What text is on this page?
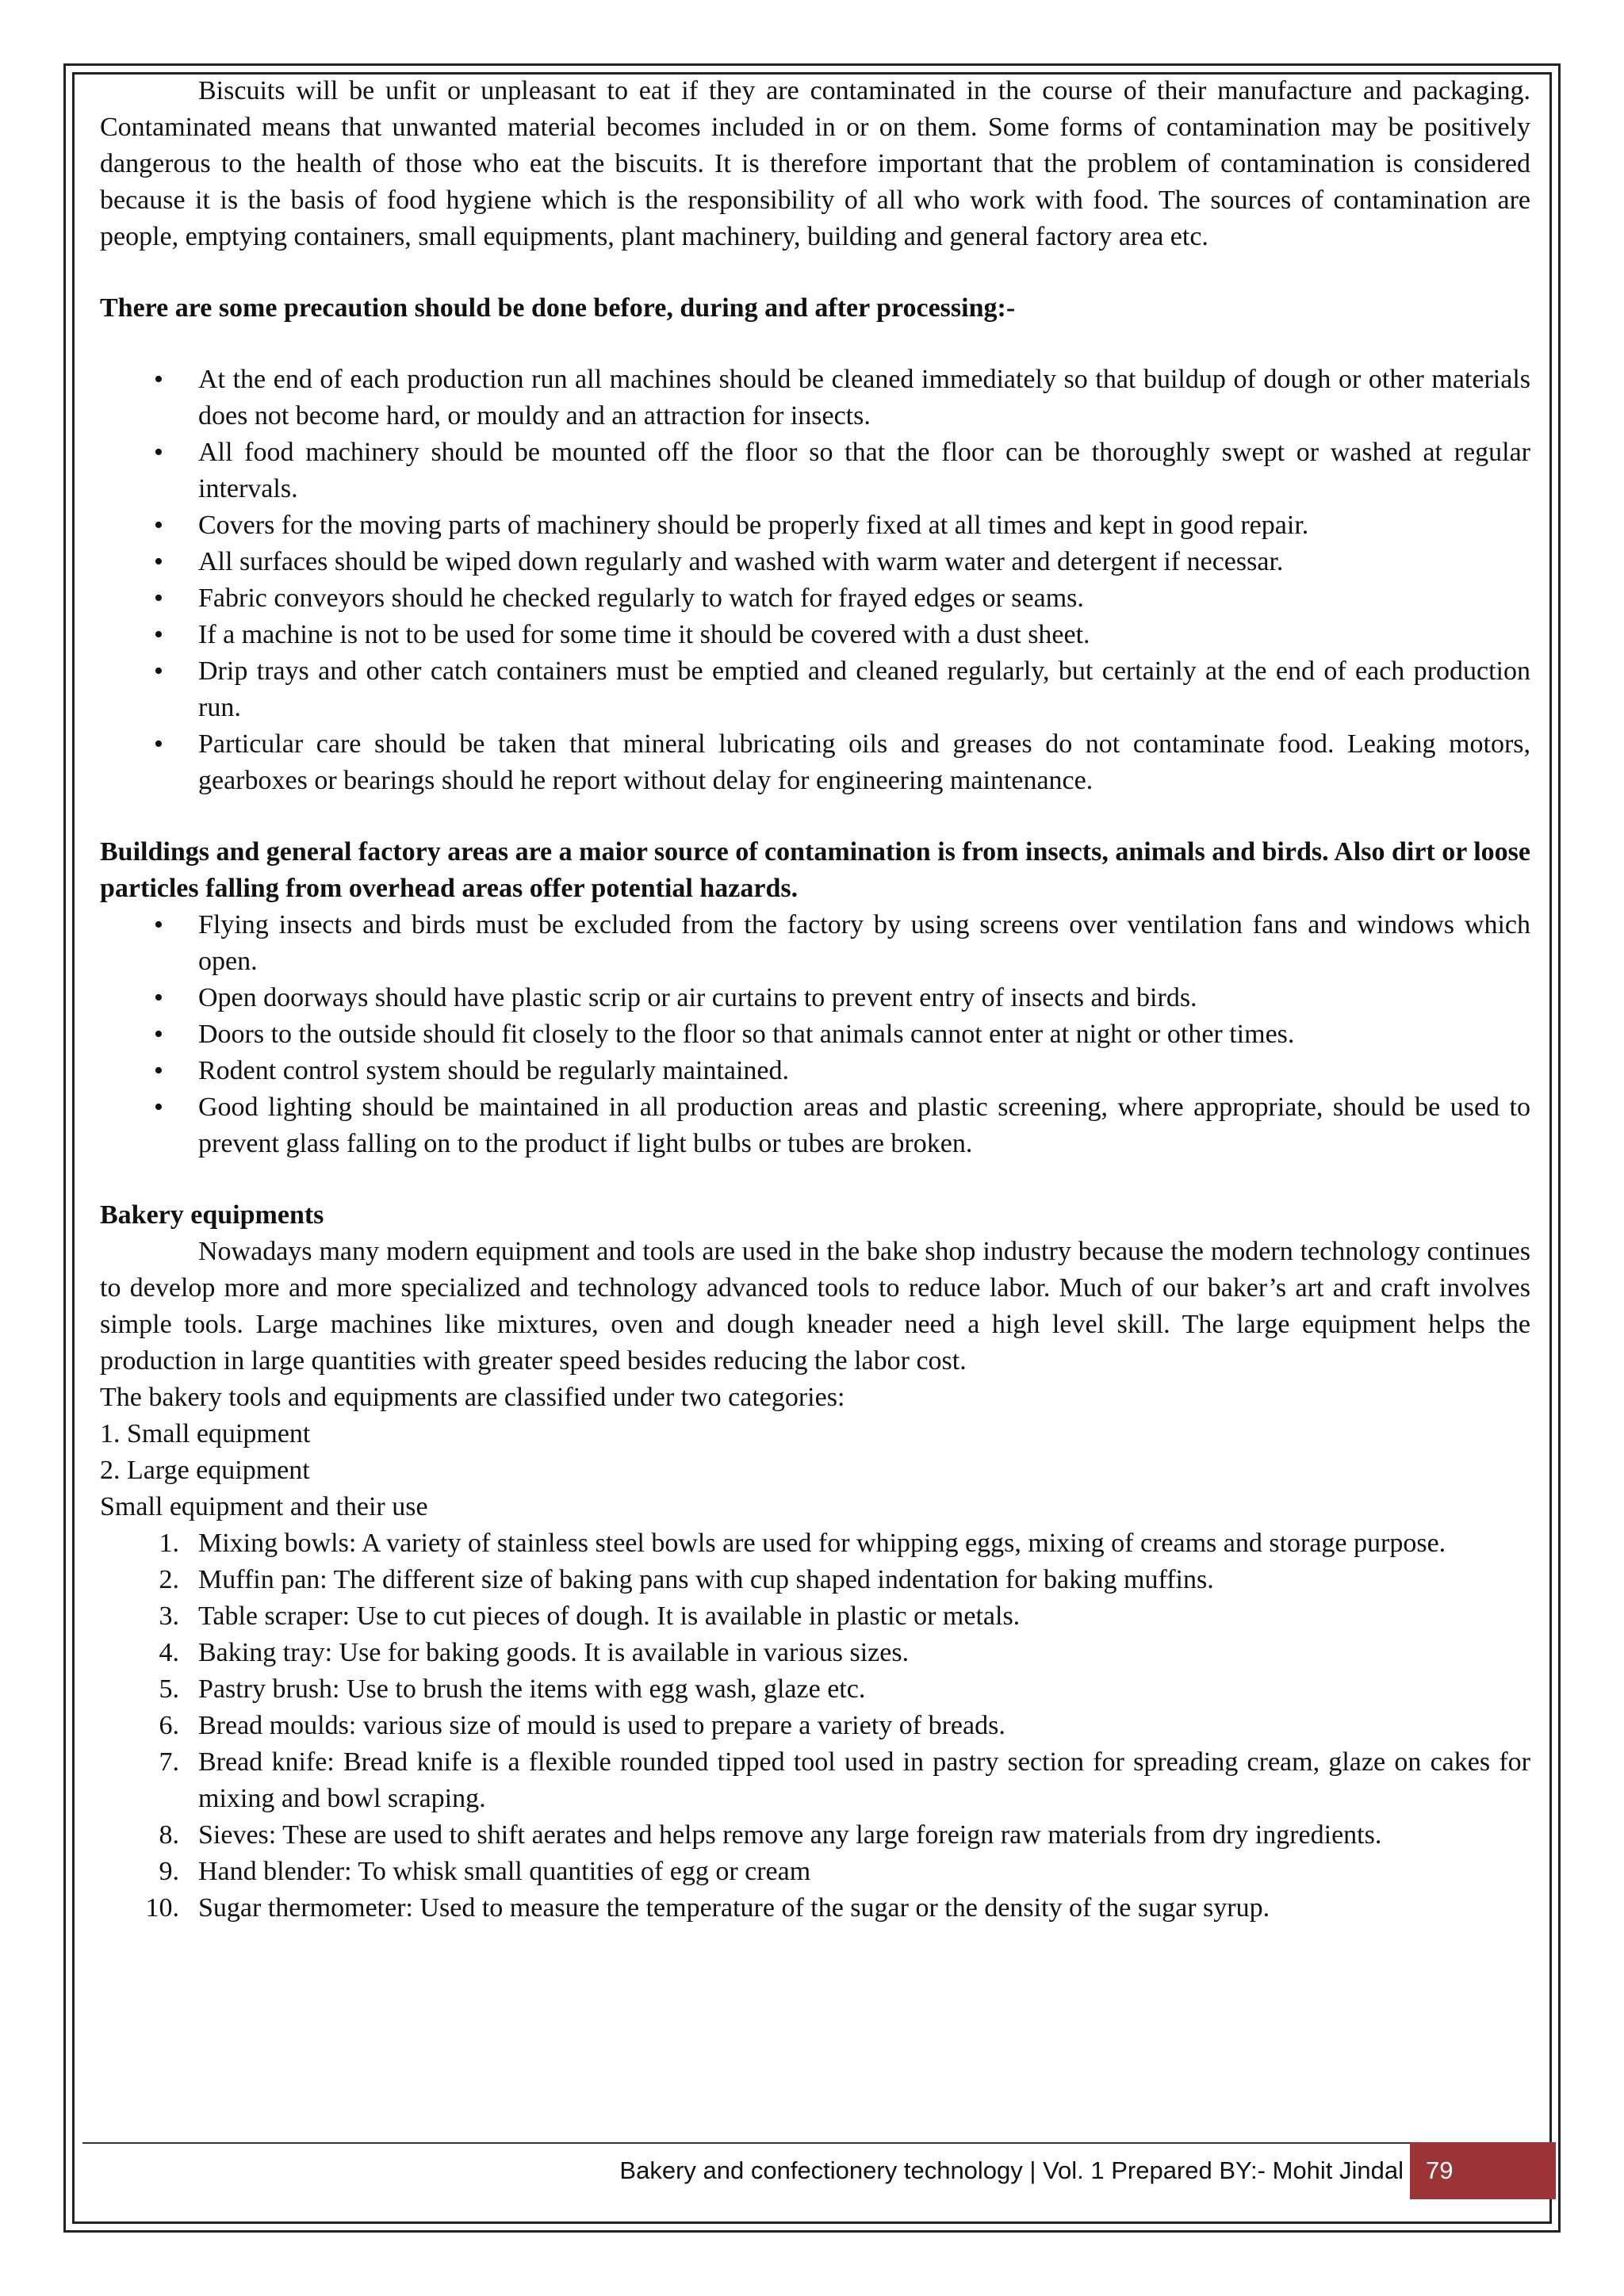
Biscuits will be unfit or unpleasant to eat if they are contaminated in the course of their manufacture and packaging. Contaminated means that unwanted material becomes included in or on them. Some forms of contamination may be positively dangerous to the health of those who eat the biscuits. It is therefore important that the problem of contamination is considered because it is the basis of food hygiene which is the responsibility of all who work with food. The sources of contamination are people, emptying containers, small equipments, plant machinery, building and general factory area etc.

There are some precaution should be done before, during and after processing:-

• At the end of each production run all machines should be cleaned immediately so that buildup of dough or other materials does not become hard, or mouldy and an attraction for insects.
• All food machinery should be mounted off the floor so that the floor can be thoroughly swept or washed at regular intervals.
• Covers for the moving parts of machinery should be properly fixed at all times and kept in good repair.
• All surfaces should be wiped down regularly and washed with warm water and detergent if necessar.
• Fabric conveyors should he checked regularly to watch for frayed edges or seams.
• If a machine is not to be used for some time it should be covered with a dust sheet.
• Drip trays and other catch containers must be emptied and cleaned regularly, but certainly at the end of each production run.
• Particular care should be taken that mineral lubricating oils and greases do not contaminate food. Leaking motors, gearboxes or bearings should he report without delay for engineering maintenance.

Buildings and general factory areas are a maior source of contamination is from insects, animals and birds. Also dirt or loose particles falling from overhead areas offer potential hazards.

• Flying insects and birds must be excluded from the factory by using screens over ventilation fans and windows which open.
• Open doorways should have plastic scrip or air curtains to prevent entry of insects and birds.
• Doors to the outside should fit closely to the floor so that animals cannot enter at night or other times.
• Rodent control system should be regularly maintained.
• Good lighting should be maintained in all production areas and plastic screening, where appropriate, should be used to prevent glass falling on to the product if light bulbs or tubes are broken.

Bakery equipments

Nowadays many modern equipment and tools are used in the bake shop industry because the modern technology continues to develop more and more specialized and technology advanced tools to reduce labor. Much of our baker’s art and craft involves simple tools. Large machines like mixtures, oven and dough kneader need a high level skill. The large equipment helps the production in large quantities with greater speed besides reducing the labor cost.

The bakery tools and equipments are classified under two categories:

1. Small equipment

2. Large equipment

Small equipment and their use

1. Mixing bowls: A variety of stainless steel bowls are used for whipping eggs, mixing of creams and storage purpose.
2. Muffin pan: The different size of baking pans with cup shaped indentation for baking muffins.
3. Table scraper: Use to cut pieces of dough. It is available in plastic or metals.
4. Baking tray: Use for baking goods. It is available in various sizes.
5. Pastry brush: Use to brush the items with egg wash, glaze etc.
6. Bread moulds: various size of mould is used to prepare a variety of breads.
7. Bread knife: Bread knife is a flexible rounded tipped tool used in pastry section for spreading cream, glaze on cakes for mixing and bowl scraping.
8. Sieves: These are used to shift aerates and helps remove any large foreign raw materials from dry ingredients.
9. Hand blender: To whisk small quantities of egg or cream
10. Sugar thermometer: Used to measure the temperature of the sugar or the density of the sugar syrup.
Bakery and confectionery technology | Vol. 1 Prepared BY:- Mohit Jindal 79
